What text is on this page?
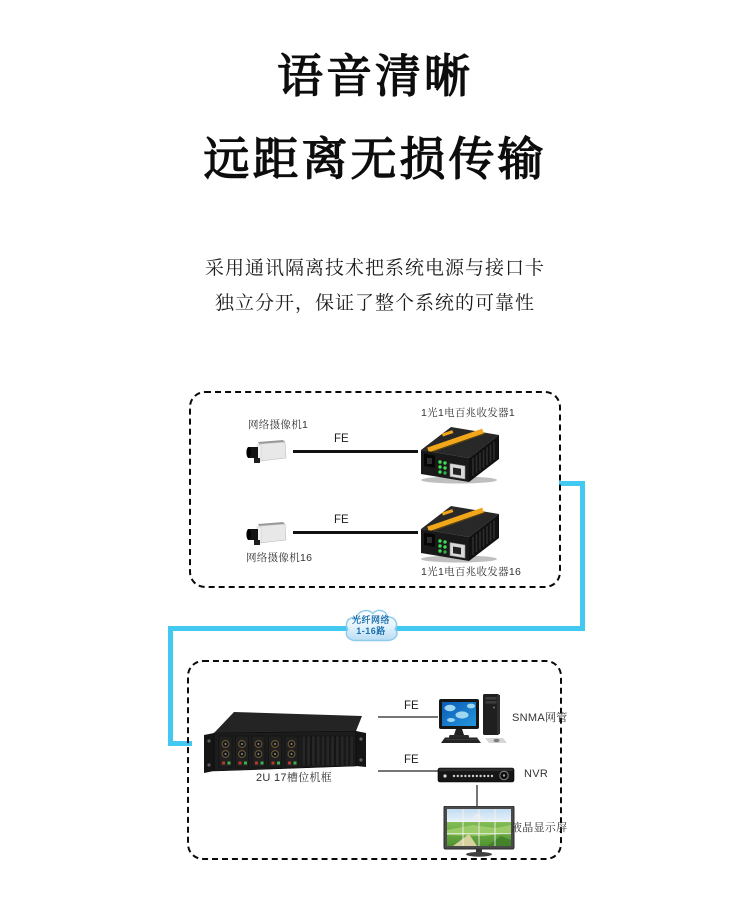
语音清晰
远距离无损传输
采用通讯隔离技术把系统电源与接口卡
独立分开，保证了整个系统的可靠性
网络摄像机1
FE
1光1电百兆收发器1
FE
网络摄像机16
1光1电百兆收发器16
光纤网络
1-16路
2U 17槽位机框
FE
SNMA网管
FE
NVR
液晶显示屏
